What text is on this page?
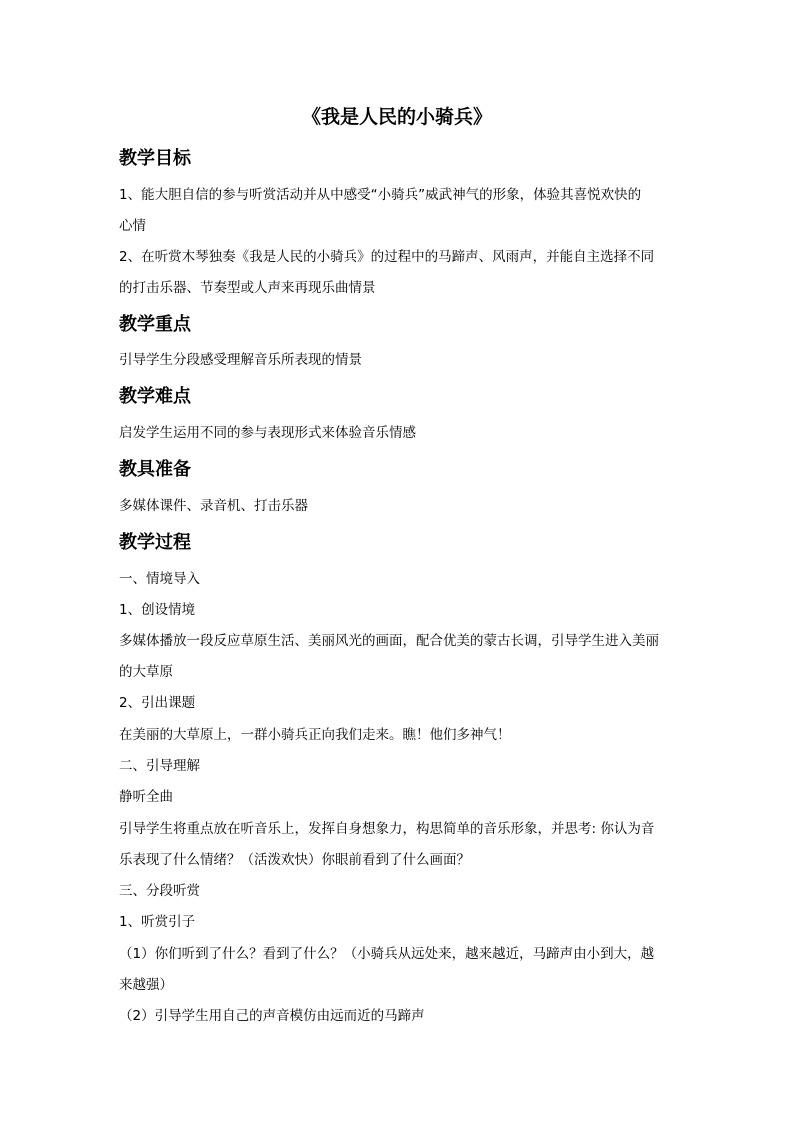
《我是人民的小骑兵》
教学目标
1、能大胆自信的参与听赏活动并从中感受“小骑兵”威武神气的形象，体验其喜悦欢快的
心情
2、在听赏木琴独奏《我是人民的小骑兵》的过程中的马蹄声、风雨声，并能自主选择不同
的打击乐器、节奏型或人声来再现乐曲情景
教学重点
引导学生分段感受理解音乐所表现的情景
教学难点
启发学生运用不同的参与表现形式来体验音乐情感
教具准备
多媒体课件、录音机、打击乐器
教学过程
一、情境导入
1、创设情境
多媒体播放一段反应草原生活、美丽风光的画面，配合优美的蒙古长调，引导学生进入美丽
的大草原
2、引出课题
在美丽的大草原上，一群小骑兵正向我们走来。瞧！他们多神气！
二、引导理解
静听全曲
引导学生将重点放在听音乐上，发挥自身想象力，构思简单的音乐形象，并思考: 你认为音
乐表现了什么情绪？（活泼欢快）你眼前看到了什么画面？
三、分段听赏
1、听赏引子
（1）你们听到了什么？看到了什么？（小骑兵从远处来，越来越近，马蹄声由小到大，越
来越强）
（2）引导学生用自己的声音模仿由远而近的马蹄声
